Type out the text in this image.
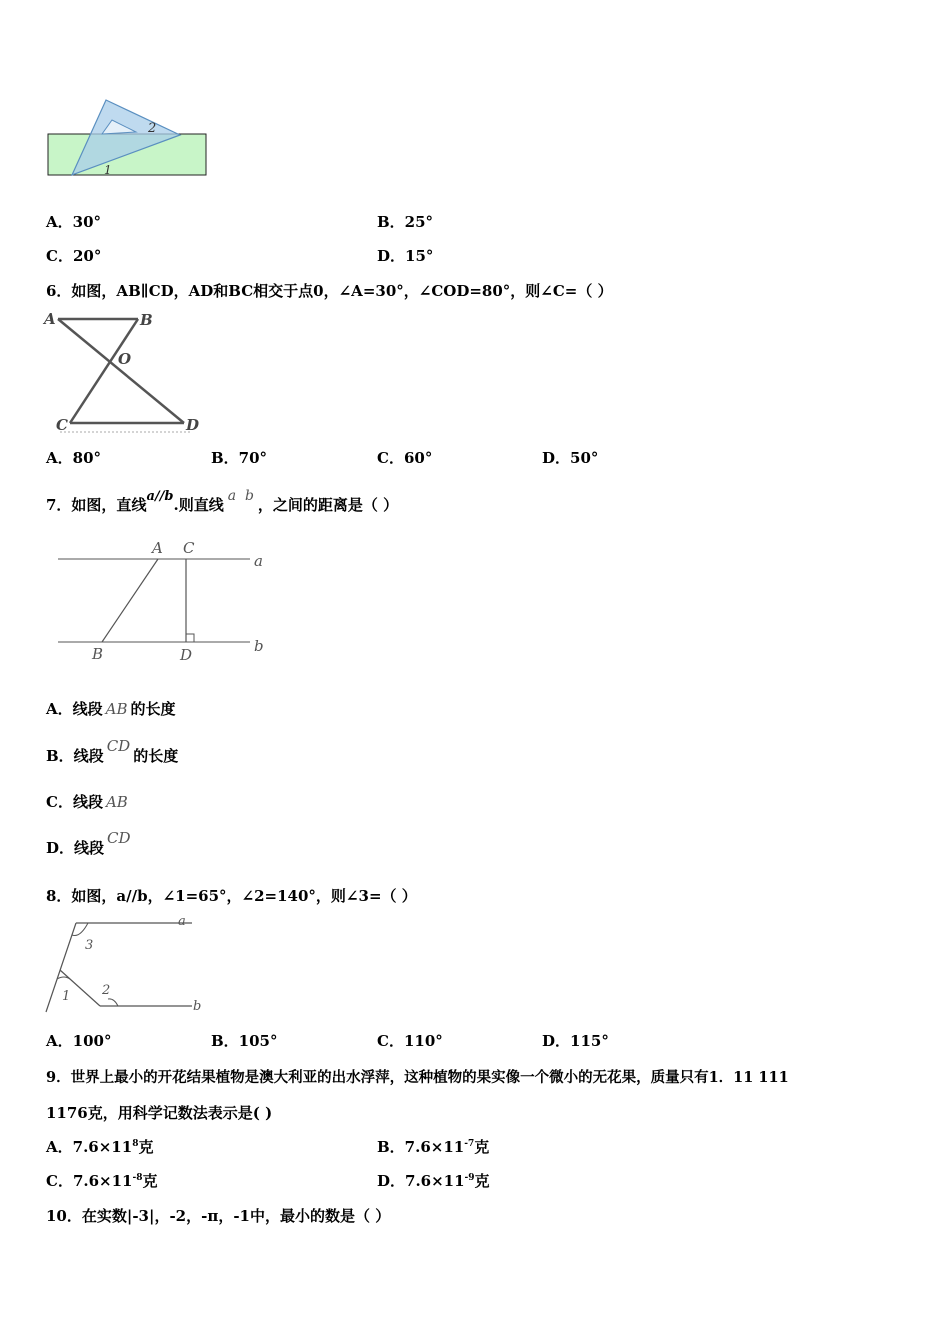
2
1
A．30°	B．25°
C．20°	D．15°
6．如图，AB∥CD，AD和BC相交于点0，∠A=30°，∠COD=80°，则∠C=（ ）
A	B
O
C	D
A．80°	B．70°	C．60°	D．50°
7．如图，直线a//b.则直线 a  b ，之间的距离是（ ）
A C
a
B	D	b
A．线段 AB 的长度
B．线段CD的长度
C．线段 AB
D．线段CD
8．如图，a//b，∠1=65°，∠2=140°，则∠3=（ ）
a
b
3
1 2
A．100°	B．105°	C．110°	D．115°
9．世界上最小的开花结果植物是澳大利亚的出水浮萍，这种植物的果实像一个微小的无花果，质量只有1．11 111
1176克，用科学记数法表示是( )
A．$7.6\times 11^8$克	B．$7.6\times 11^{-7}$克
C．$7.6\times 11^{-8}$克	D．$7.6\times 11^{-9}$克
10．在实数|-3|，-2，-π，-1中，最小的数是（ ）
